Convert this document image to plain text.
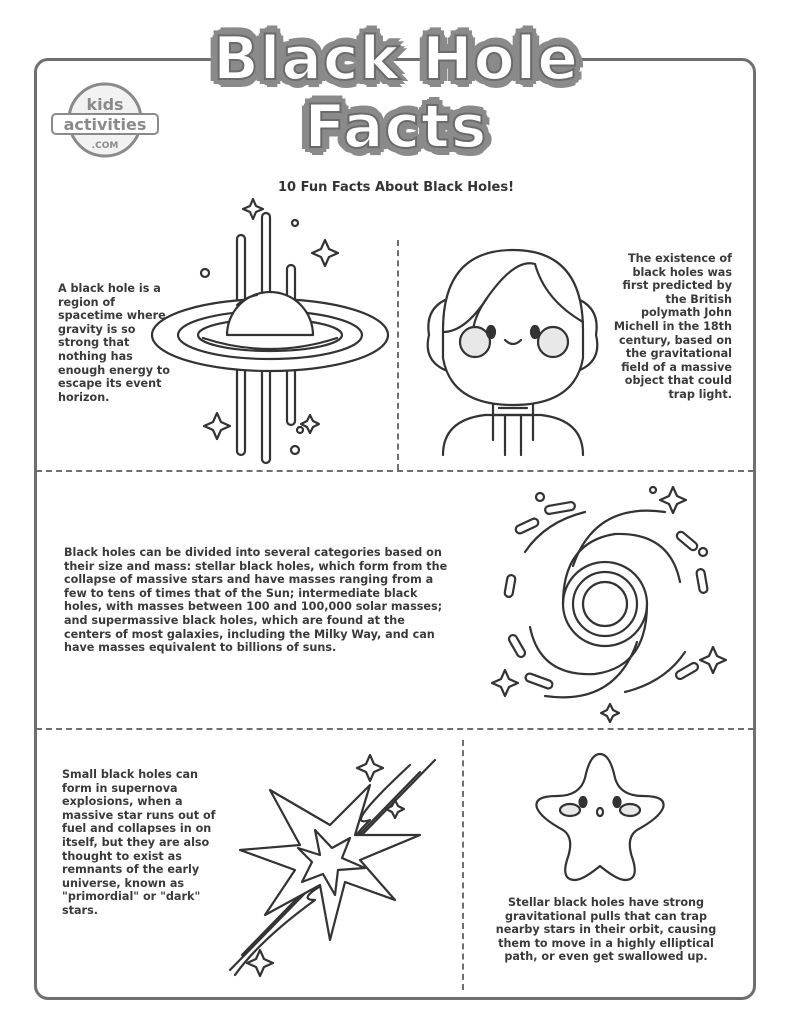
Black Hole
Facts
kids
activities
.COM
10 Fun Facts About Black Holes!

A black hole is a region of spacetime where gravity is so strong that nothing has enough energy to escape its event horizon.

The existence of black holes was first predicted by the British polymath John Michell in the 18th century, based on the gravitational field of a massive object that could trap light.

Black holes can be divided into several categories based on their size and mass: stellar black holes, which form from the collapse of massive stars and have masses ranging from a few to tens of times that of the Sun; intermediate black holes, with masses between 100 and 100,000 solar masses; and supermassive black holes, which are found at the centers of most galaxies, including the Milky Way, and can have masses equivalent to billions of suns.

Small black holes can form in supernova explosions, when a massive star runs out of fuel and collapses in on itself, but they are also thought to exist as remnants of the early universe, known as "primordial" or "dark" stars.

Stellar black holes have strong gravitational pulls that can trap nearby stars in their orbit, causing them to move in a highly elliptical path, or even get swallowed up.
